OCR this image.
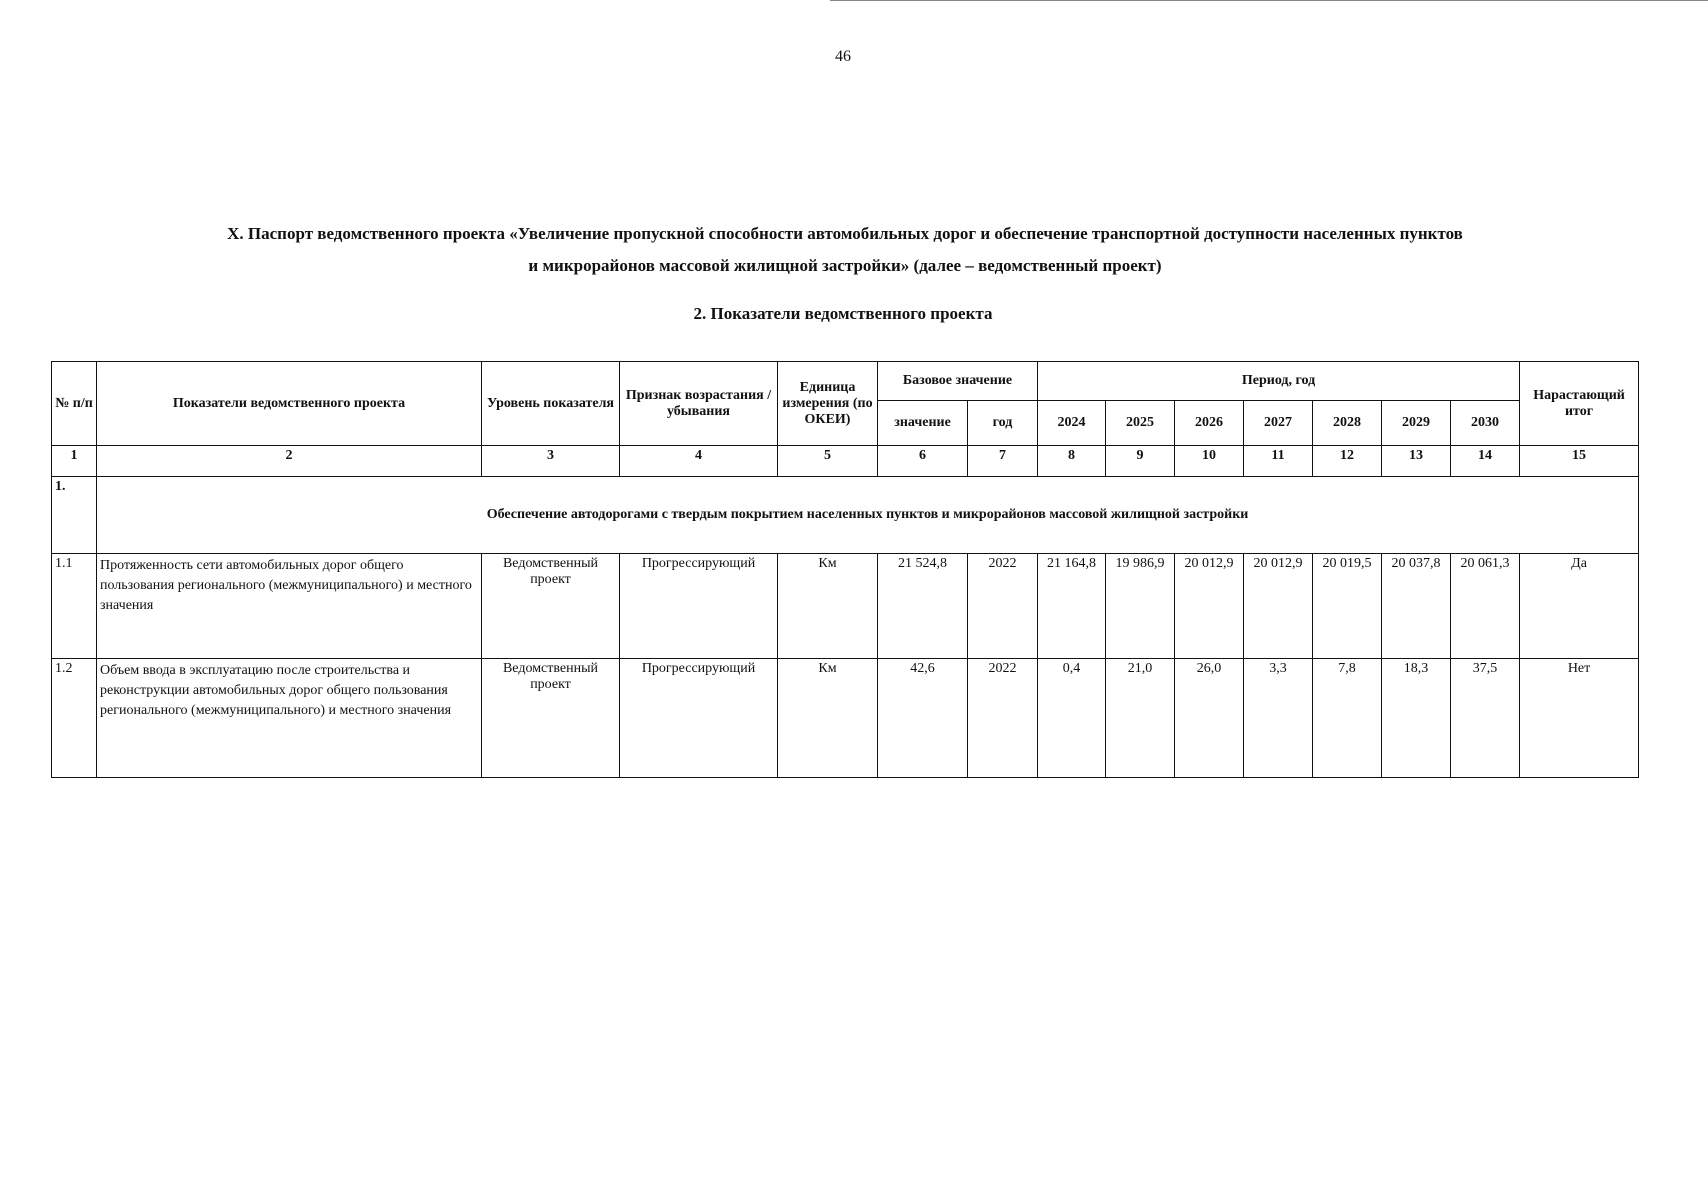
46
X. Паспорт ведомственного проекта «Увеличение пропускной способности автомобильных дорог и обеспечение транспортной доступности населенных пунктов
и микрорайонов массовой жилищной застройки» (далее – ведомственный проект)
2. Показатели ведомственного проекта
№ п/п	Показатели ведомственного проекта	Уровень показателя	Признак возрастания / убывания	Единица измерения (по ОКЕИ)	Базовое значение		Период, год							Нарастающий итог
					значение	год	2024	2025	2026	2027	2028	2029	2030	
1	2	3	4	5	6	7	8	9	10	11	12	13	14	15
1.	Обеспечение автодорогами с твердым покрытием населенных пунктов и микрорайонов массовой жилищной застройки													
1.1	Протяженность сети автомобильных дорог общего пользования регионального (межмуниципального) и местного значения	Ведомственный проект	Прогрессирующий	Км	21 524,8	2022	21 164,8	19 986,9	20 012,9	20 012,9	20 019,5	20 037,8	20 061,3	Да
1.2	Объем ввода в эксплуатацию после строительства и реконструкции автомобильных дорог общего пользования регионального (межмуниципального) и местного значения	Ведомственный проект	Прогрессирующий	Км	42,6	2022	0,4	21,0	26,0	3,3	7,8	18,3	37,5	Нет
